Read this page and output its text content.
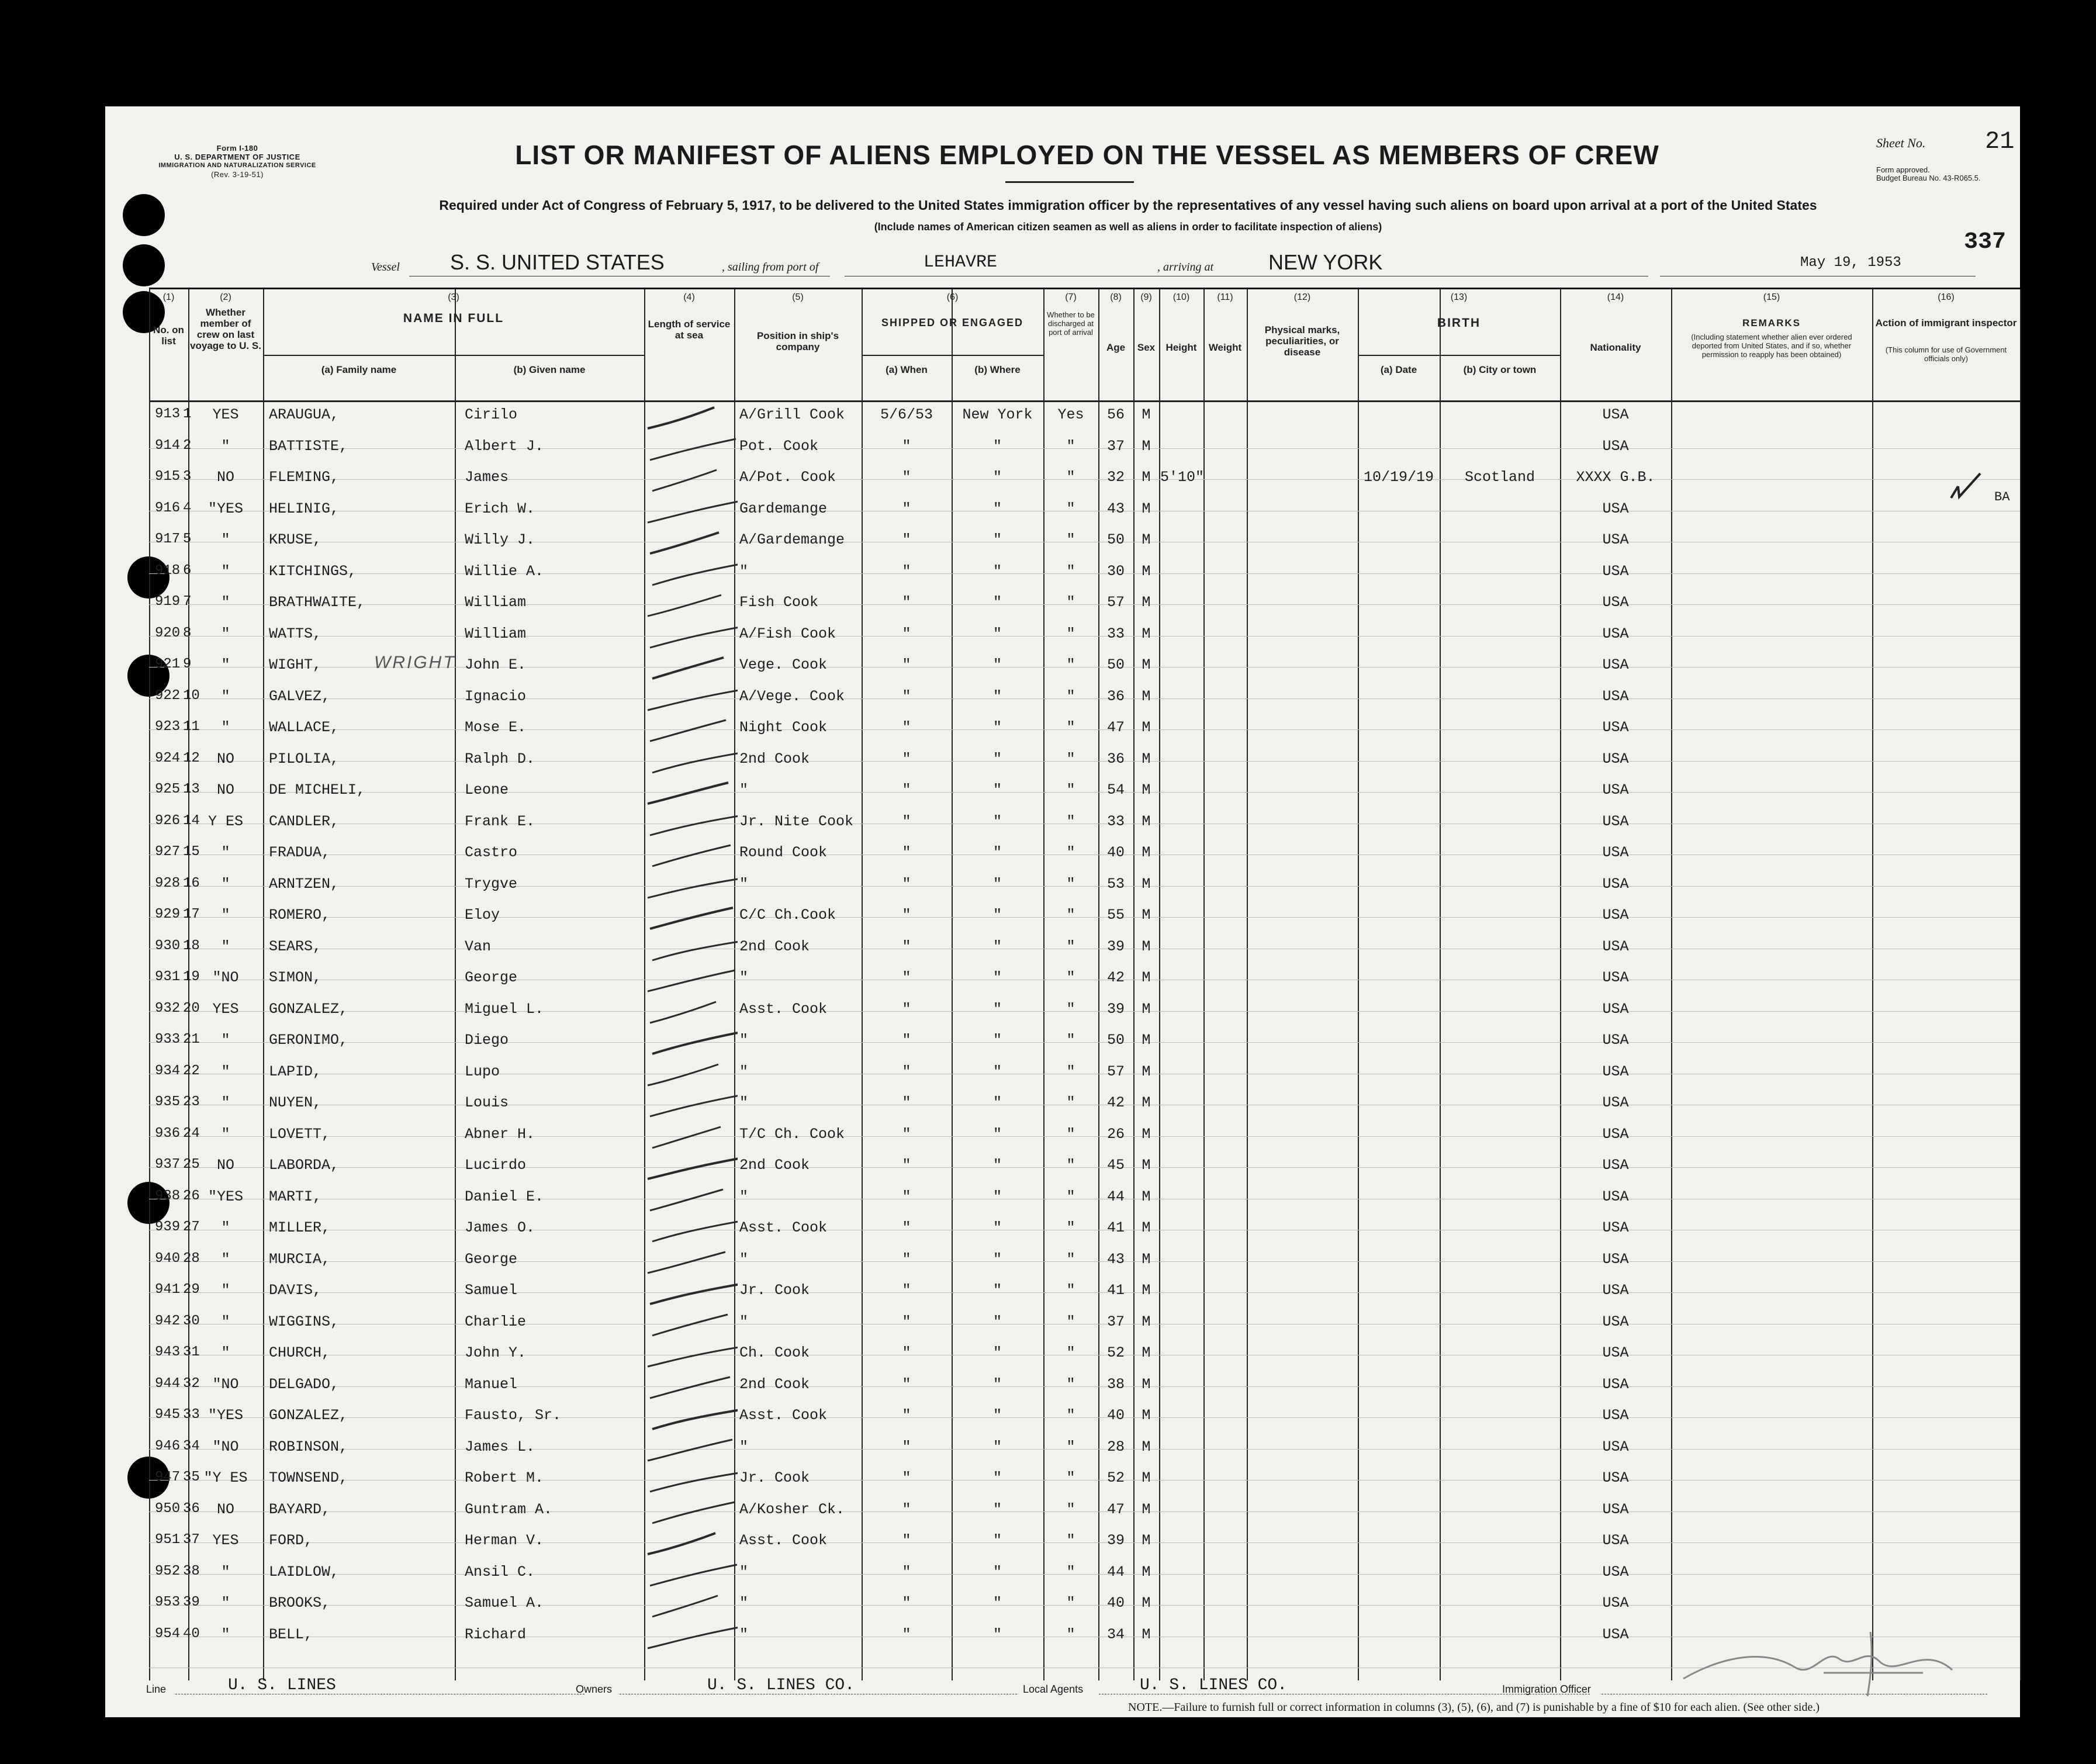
Form I-180
U. S. DEPARTMENT OF JUSTICE
IMMIGRATION AND NATURALIZATION SERVICE
(Rev. 3-19-51)
LIST OR MANIFEST OF ALIENS EMPLOYED ON THE VESSEL AS MEMBERS OF CREW	Sheet No. 21
Form approved.
Budget Bureau No. 43-R065.5.
Required under Act of Congress of February 5, 1917, to be delivered to the United States immigration officer by the representatives of any vessel having such aliens on board upon arrival at a port of the United States
(Include names of American citizen seamen as well as aliens in order to facilitate inspection of aliens)
337
Vessel S. S. UNITED STATES	, sailing from port of	LEHAVRE	, arriving at	NEW YORK	May 19, 1953
(1)
No. on list
(2)
Whether member of crew on last voyage to U. S.
(3)
NAME IN FULL
(a) Family name	(b) Given name
(4)
Length of service at sea
(5)
Position in ship's company
(6)
SHIPPED OR ENGAGED
(a) When	(b) Where
(7)
Whether to be discharged at port of arrival
(8)
Age
(9)
Sex
(10)
Height
(11)
Weight
(12)
Physical marks, peculiarities, or disease
(13)
BIRTH
(a) Date	(b) City or town
(14)
Nationality
(15)
REMARKS
(Including statement whether alien ever ordered deported from United States, and if so, whether permission to reapply has been obtained)
(16)
Action of immigrant inspector
(This column for use of Government officials only)
913 1	YES	ARAUGUA,	Cirilo	A/Grill Cook	5/6/53	New York	Yes	56	M	USA
914 2	"	BATTISTE,	Albert J.	Pot. Cook	"	"	"	37	M	USA
915 3	NO	FLEMING,	James	A/Pot. Cook	"	"	"	32	M 5'10"	10/19/19	Scotland	XXXX G.B.
916 4	"YES	HELINIG,	Erich W.	Gardemange	"	"	"	43	M	USA
917 5	"	KRUSE,	Willy J.	A/Gardemange	"	"	"	50	M	USA
918 6	"	KITCHINGS,	Willie A.	"	"	"	"	30	M	USA
919 7	"	BRATHWAITE,	William	Fish Cook	"	"	"	57	M	USA
920 8	"	WATTS,	William	A/Fish Cook	"	"	"	33	M	USA
921 9	"	WIGHT,	John E.	Vege. Cook	"	"	"	50	M	USA
922 10	"	GALVEZ,	Ignacio	A/Vege. Cook	"	"	"	36	M	USA
923 11	"	WALLACE,	Mose E.	Night Cook	"	"	"	47	M	USA
924 12	NO	PILOLIA,	Ralph D.	2nd Cook	"	"	"	36	M	USA
925 13	NO	DE MICHELI,	Leone	"	"	"	"	54	M	USA
926 14 Y ES	CANDLER,	Frank E.	Jr. Nite Cook	"	"	"	33	M	USA
927 15	"	FRADUA,	Castro	Round Cook	"	"	"	40	M	USA
928 16	"	ARNTZEN,	Trygve	"	"	"	"	53	M	USA
929 17	"	ROMERO,	Eloy	C/C Ch.Cook	"	"	"	55	M	USA
930 18	"	SEARS,	Van	2nd Cook	"	"	"	39	M	USA
931 19 "NO	SIMON,	George	"	"	"	"	42	M	USA
932 20 YES	GONZALEZ,	Miguel L.	Asst. Cook	"	"	"	39	M	USA
933 21	"	GERONIMO,	Diego	"	"	"	"	50	M	USA
934 22	"	LAPID,	Lupo	"	"	"	"	57	M	USA
935 23	"	NUYEN,	Louis	"	"	"	"	42	M	USA
936 24	"	LOVETT,	Abner H.	T/C Ch. Cook	"	"	"	26	M	USA
937 25	NO	LABORDA,	Lucirdo	2nd Cook	"	"	"	45	M	USA
938 26 "YES	MARTI,	Daniel E.	"	"	"	"	44	M	USA
939 27	"	MILLER,	James O.	Asst. Cook	"	"	"	41	M	USA
940 28	"	MURCIA,	George	"	"	"	"	43	M	USA
941 29	"	DAVIS,	Samuel	Jr. Cook	"	"	"	41	M	USA
942 30	"	WIGGINS,	Charlie	"	"	"	"	37	M	USA
943 31	"	CHURCH,	John Y.	Ch. Cook	"	"	"	52	M	USA
944 32 "NO	DELGADO,	Manuel	2nd Cook	"	"	"	38	M	USA
945 33 "YES	GONZALEZ,	Fausto, Sr.	Asst. Cook	"	"	"	40	M	USA
946 34 "NO	ROBINSON,	James L.	"	"	"	"	28	M	USA
947 35 "Y ES	TOWNSEND,	Robert M.	Jr. Cook	"	"	"	52	M	USA
950 36	NO	BAYARD,	Guntram A.	A/Kosher Ck.	"	"	"	47	M	USA
951 37 YES	FORD,	Herman V.	Asst. Cook	"	"	"	39	M	USA
952 38	"	LAIDLOW,	Ansil C.	"	"	"	"	44	M	USA
953 39	"	BROOKS,	Samuel A.	"	"	"	"	40	M	USA
954 40	"	BELL,	Richard	"	"	"	"	34	M	USA
WRIGHT
BA
Line	U. S. LINES	Owners	U. S. LINES CO.	Local Agents	U. S. LINES CO.	Immigration Officer
NOTE.—Failure to furnish full or correct information in columns (3), (5), (6), and (7) is punishable by a fine of $10 for each alien. (See other side.)
